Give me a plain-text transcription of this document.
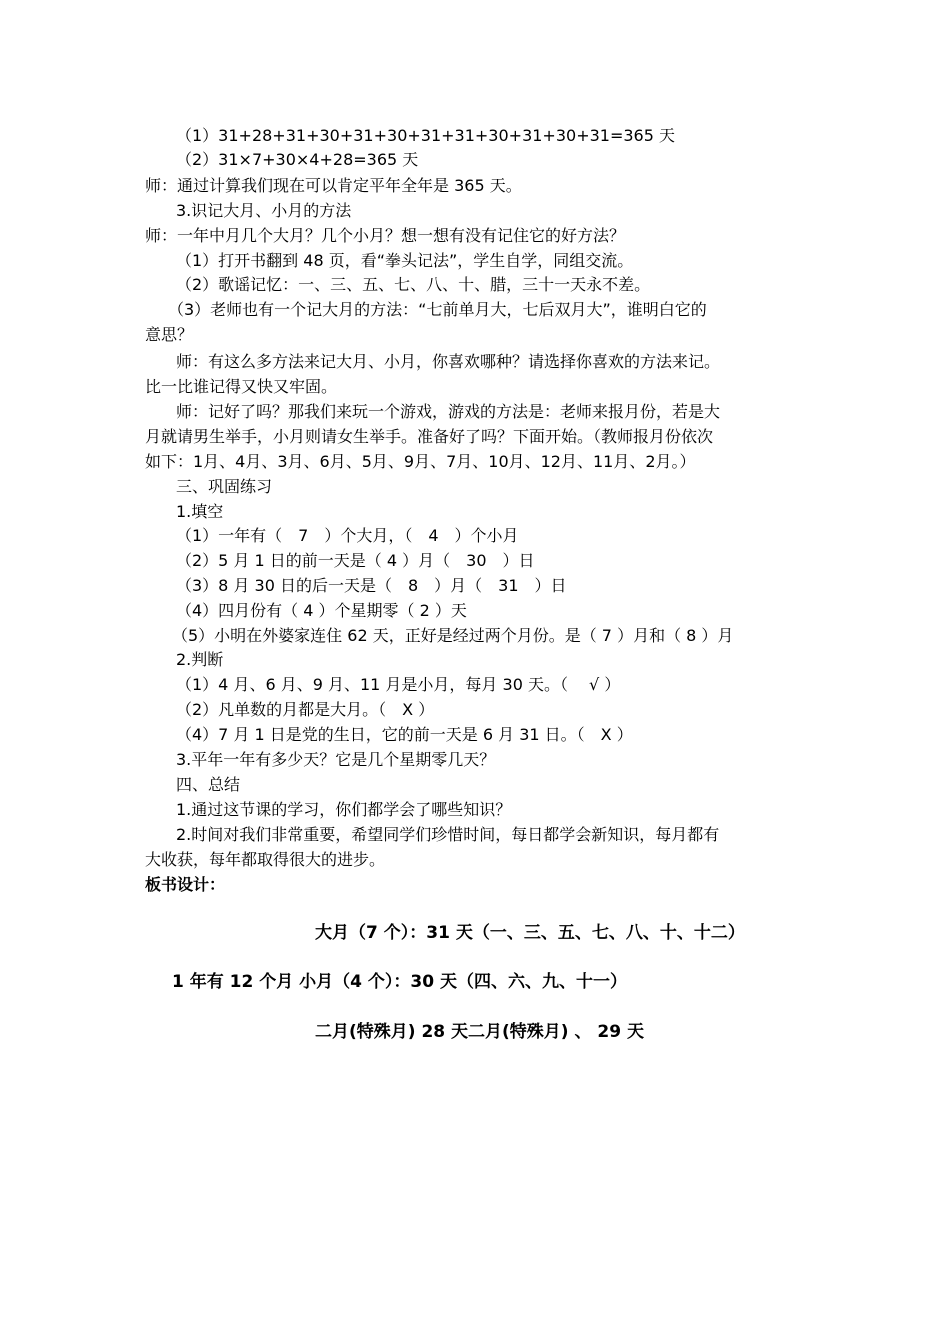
（1）31+28+31+30+31+30+31+31+30+31+30+31=365 天
（2）31×7+30×4+28=365 天
师：通过计算我们现在可以肯定平年全年是 365 天。
3.识记大月、小月的方法
师：一年中月几个大月？几个小月？想一想有没有记住它的好方法？
（1）打开书翻到 48 页，看“拳头记法”，学生自学，同组交流。
（2）歌谣记忆：一、三、五、七、八、十、腊，三十一天永不差。
（3）老师也有一个记大月的方法：“七前单月大，七后双月大”，谁明白它的
意思？
师：有这么多方法来记大月、小月，你喜欢哪种？请选择你喜欢的方法来记。
比一比谁记得又快又牢固。
师：记好了吗？那我们来玩一个游戏，游戏的方法是：老师来报月份，若是大
月就请男生举手，小月则请女生举手。准备好了吗？下面开始。（教师报月份依次
如下：1月、4月、3月、6月、5月、9月、7月、10月、12月、11月、2月。）
三、巩固练习
1.填空
（1）一年有（　7　）个大月，（　4　）个小月
（2）5 月 1 日的前一天是（ 4 ）月（　30　）日
（3）8 月 30 日的后一天是（　8　）月（　31　）日
（4）四月份有（ 4 ）个星期零（ 2 ）天
（5）小明在外婆家连住 62 天，正好是经过两个月份。是（ 7 ）月和（ 8 ）月
2.判断
（1）4 月、6 月、9 月、11 月是小月，每月 30 天。（　 √ ）
（2）凡单数的月都是大月。（　X ）
（4）7 月 1 日是党的生日，它的前一天是 6 月 31 日。（　X ）
3.平年一年有多少天？它是几个星期零几天？
四、总结
1.通过这节课的学习，你们都学会了哪些知识？
2.时间对我们非常重要，希望同学们珍惜时间，每日都学会新知识，每月都有
大收获，每年都取得很大的进步。
板书设计：
大月（7 个）：31 天（一、三、五、七、八、十、十二）
1 年有 12 个月 小月（4 个）：30 天（四、六、九、十一）
二月(特殊月) 28 天二月(特殊月) 、 29 天
